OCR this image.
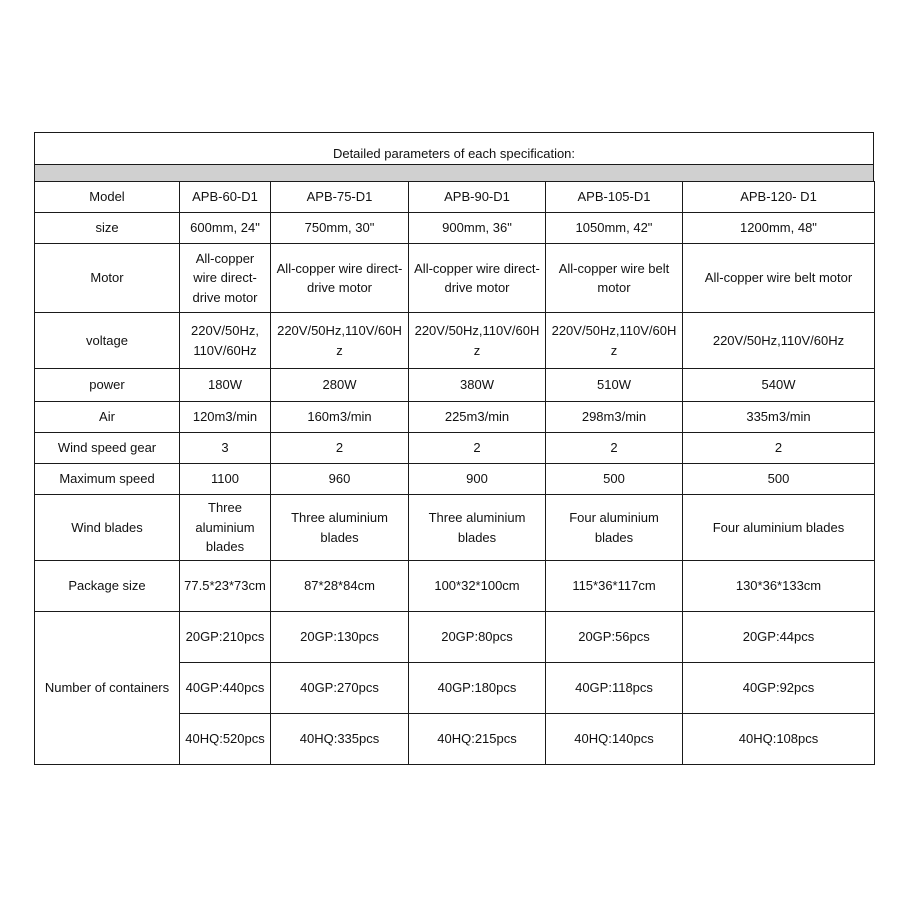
Detailed parameters of each specification:
Model	APB-60-D1	APB-75-D1	APB-90-D1	APB-105-D1	APB-120- D1
size	600mm, 24"	750mm, 30"	900mm, 36"	1050mm, 42"	1200mm, 48"
Motor	All-copper wire direct-drive motor	All-copper wire direct-drive motor	All-copper wire direct-drive motor	All-copper wire belt motor	All-copper wire belt motor
voltage	220V/50Hz, 110V/60Hz	220V/50Hz,110V/60Hz	220V/50Hz,110V/60Hz	220V/50Hz,110V/60Hz	220V/50Hz,110V/60Hz
power	180W	280W	380W	510W	540W
Air	120m3/min	160m3/min	225m3/min	298m3/min	335m3/min
Wind speed gear	3	2	2	2	2
Maximum speed	1100	960	900	500	500
Wind blades	Three aluminium blades	Three aluminium blades	Three aluminium blades	Four aluminium blades	Four aluminium blades
Package size	77.5*23*73cm	87*28*84cm	100*32*100cm	115*36*117cm	130*36*133cm
Number of containers	20GP:210pcs	20GP:130pcs	20GP:80pcs	20GP:56pcs	20GP:44pcs
	40GP:440pcs	40GP:270pcs	40GP:180pcs	40GP:118pcs	40GP:92pcs
	40HQ:520pcs	40HQ:335pcs	40HQ:215pcs	40HQ:140pcs	40HQ:108pcs
